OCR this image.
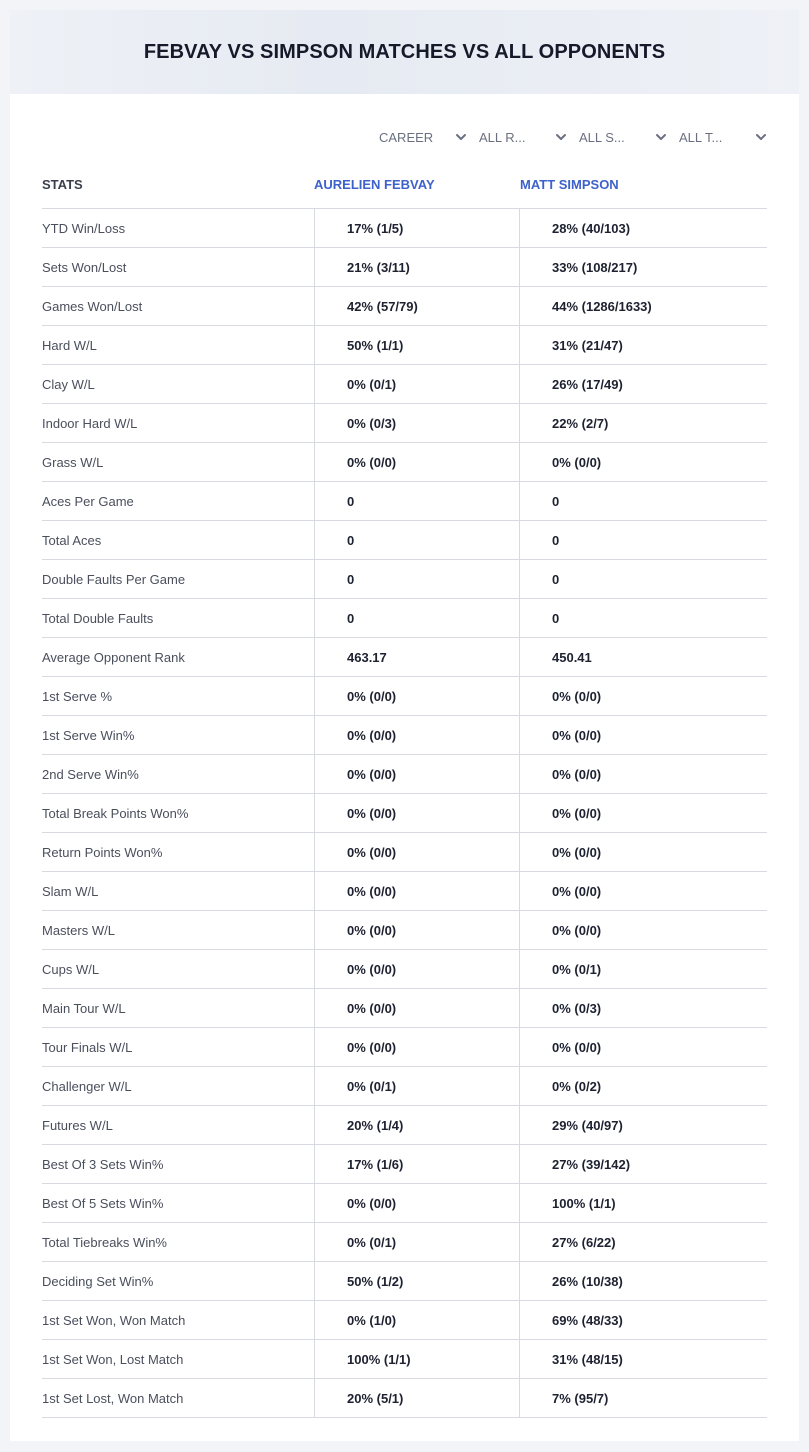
FEBVAY VS SIMPSON MATCHES VS ALL OPPONENTS
CAREER	ALL R...	ALL S...	ALL T...
STATS	AURELIEN FEBVAY	MATT SIMPSON
YTD Win/Loss	17% (1/5)	28% (40/103)
Sets Won/Lost	21% (3/11)	33% (108/217)
Games Won/Lost	42% (57/79)	44% (1286/1633)
Hard W/L	50% (1/1)	31% (21/47)
Clay W/L	0% (0/1)	26% (17/49)
Indoor Hard W/L	0% (0/3)	22% (2/7)
Grass W/L	0% (0/0)	0% (0/0)
Aces Per Game	0	0
Total Aces	0	0
Double Faults Per Game	0	0
Total Double Faults	0	0
Average Opponent Rank	463.17	450.41
1st Serve %	0% (0/0)	0% (0/0)
1st Serve Win%	0% (0/0)	0% (0/0)
2nd Serve Win%	0% (0/0)	0% (0/0)
Total Break Points Won%	0% (0/0)	0% (0/0)
Return Points Won%	0% (0/0)	0% (0/0)
Slam W/L	0% (0/0)	0% (0/0)
Masters W/L	0% (0/0)	0% (0/0)
Cups W/L	0% (0/0)	0% (0/1)
Main Tour W/L	0% (0/0)	0% (0/3)
Tour Finals W/L	0% (0/0)	0% (0/0)
Challenger W/L	0% (0/1)	0% (0/2)
Futures W/L	20% (1/4)	29% (40/97)
Best Of 3 Sets Win%	17% (1/6)	27% (39/142)
Best Of 5 Sets Win%	0% (0/0)	100% (1/1)
Total Tiebreaks Win%	0% (0/1)	27% (6/22)
Deciding Set Win%	50% (1/2)	26% (10/38)
1st Set Won, Won Match	0% (1/0)	69% (48/33)
1st Set Won, Lost Match	100% (1/1)	31% (48/15)
1st Set Lost, Won Match	20% (5/1)	7% (95/7)
